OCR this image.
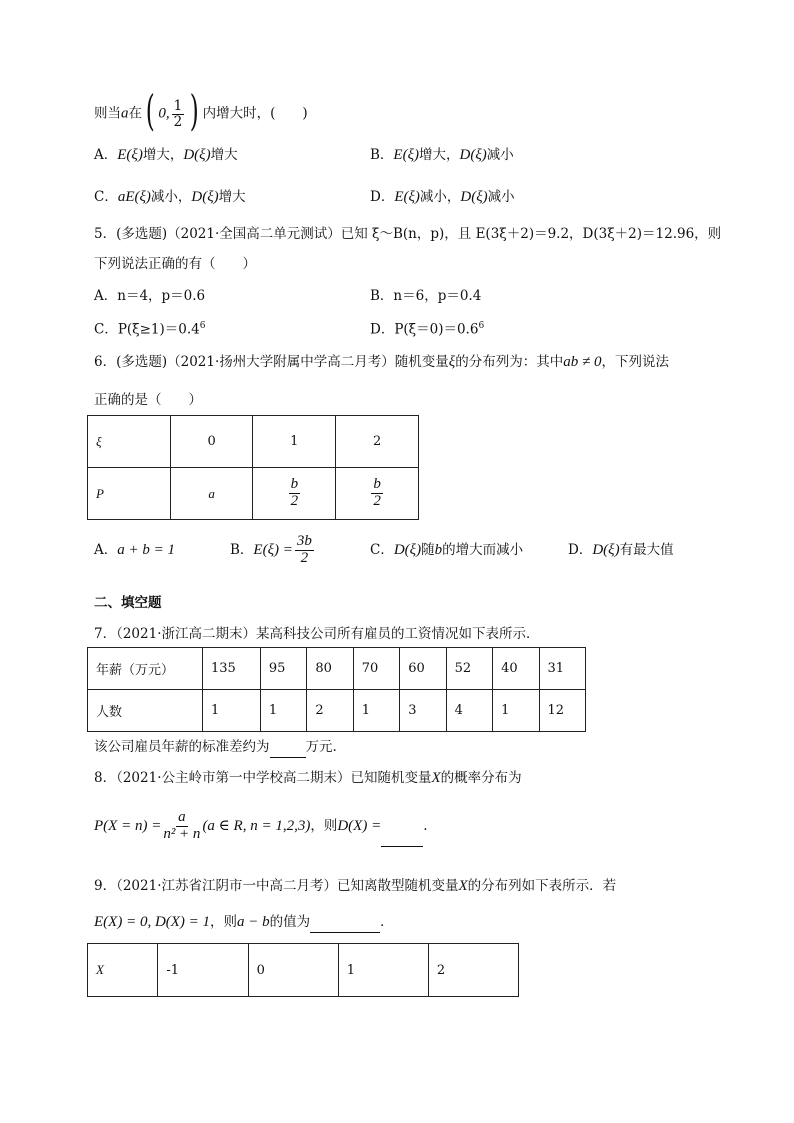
则当a在( 0, $\frac{1}{2}$ ) 内增大时，(　　)
A．E(ξ)增大，D(ξ)增大	B．E(ξ)增大，D(ξ)减小
C．aE(ξ)减小，D(ξ)增大	D．E(ξ)减小，D(ξ)减小
5．(多选题)（2021·全国高二单元测试）已知 ξ～B(n，p)，且 E(3ξ＋2)＝9.2，D(3ξ＋2)＝12.96，则
下列说法正确的有（　　）
A．n＝4，p＝0.6	B．n＝6，p＝0.4
C．$P(\xi\ge 1)=0.4^6$	D．$P(\xi=0)=0.6^6$
6．(多选题)（2021·扬州大学附属中学高二月考）随机变量ξ的分布列为：其中ab ≠ 0，下列说法
正确的是（　　）
ξ	0	1	2
P	a	$\frac{b}{2}$	$\frac{b}{2}$
A．a + b = 1	B．$E(\xi) = \frac{3b}{2}$	C．D(ξ)随b的增大而减小	D．D(ξ)有最大值
二、填空题
7．（2021·浙江高二期末）某高科技公司所有雇员的工资情况如下表所示．
年薪（万元）	135	95	80	70	60	52	40	31
人数	1	1	2	1	3	4	1	12
该公司雇员年薪的标准差约为	万元.
8．（2021·公主岭市第一中学校高二期末）已知随机变量X的概率分布为
$P(X = n) = \frac{a}{\text{n² + n}} (a$ ∈ R, n = 1,2,3)，则D(X) =	.
9．（2021·江苏省江阴市一中高二月考）已知离散型随机变量X的分布列如下表所示．若
E(X) = 0, D(X) = 1，则a − b的值为	．
X	-1	0	1	2
